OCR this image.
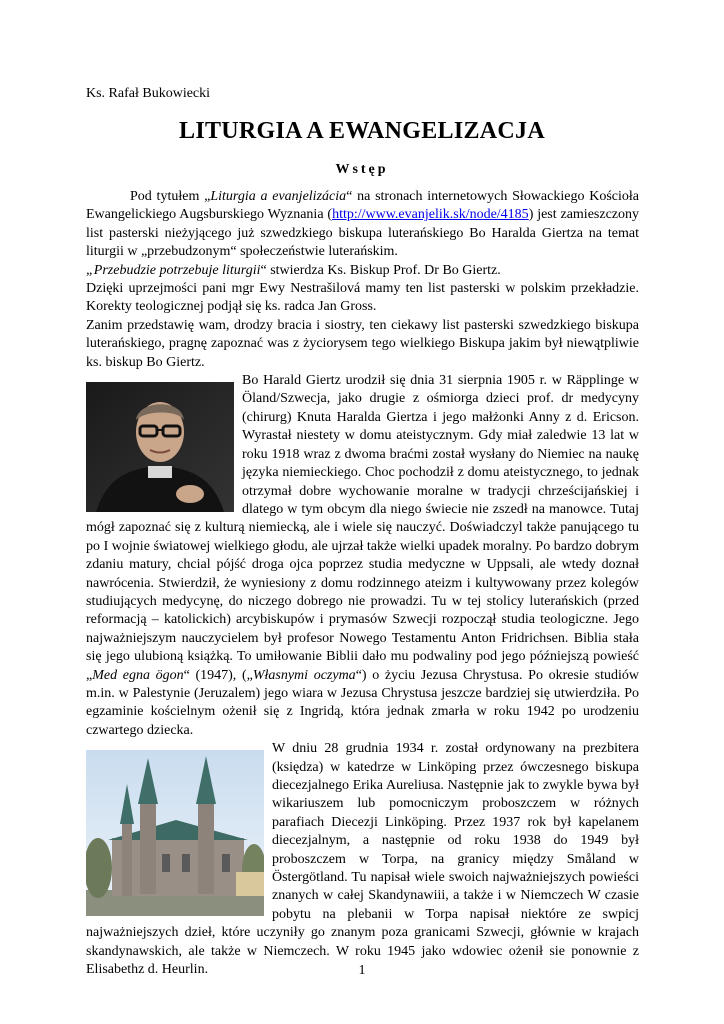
Ks. Rafał Bukowiecki
LITURGIA A EWANGELIZACJA
Wstęp

Pod tytułem „Liturgia a evanjelizácia“ na stronach internetowych Słowackiego Kościoła Ewangelickiego Augsburskiego Wyznania (http://www.evanjelik.sk/node/4185) jest zamieszczony list pasterski nieżyjącego już szwedzkiego biskupa luterańskiego Bo Haralda Giertza na temat liturgii w „przebudzonym“ społeczeństwie luterańskim.

„Przebudzie potrzebuje liturgii“ stwierdza Ks. Biskup Prof. Dr Bo Giertz.

Dzięki uprzejmości pani mgr Ewy Nestrašilová mamy ten list pasterski w polskim przekładzie. Korekty teologicznej podjął się ks. radca Jan Gross.

Zanim przedstawię wam, drodzy bracia i siostry, ten ciekawy list pasterski szwedzkiego biskupa luterańskiego, pragnę zapoznać was z życiorysem tego wielkiego Biskupa jakim był niewątpliwie ks. biskup Bo Giertz.

Bo Harald Giertz urodził się dnia 31 sierpnia 1905 r. w Räpplinge w Öland/Szwecja, jako drugie z ośmiorga dzieci prof. dr medycyny (chirurg) Knuta Haralda Giertza i jego małżonki Anny z d. Ericson. Wyrastał niestety w domu ateistycznym. Gdy miał zaledwie 13 lat w roku 1918 wraz z dwoma braćmi został wysłany do Niemiec na naukę języka niemieckiego. Choc pochodził z domu ateistycznego, to jednak otrzymał dobre wychowanie moralne w tradycji chrześcijańskiej i dlatego w tym obcym dla niego świecie nie zszedł na manowce. Tutaj mógł zapoznać się z kulturą niemiecką, ale i wiele się nauczyć. Doświadczyl także panującego tu po I wojnie światowej wielkiego głodu, ale ujrzał także wielki upadek moralny. Po bardzo dobrym zdaniu matury, chcial pójść droga ojca poprzez studia medyczne w Uppsali, ale wtedy doznał nawrócenia. Stwierdził, że wyniesiony z domu rodzinnego ateizm i kultywowany przez kolegów studiujących medycynę, do niczego dobrego nie prowadzi. Tu w tej stolicy luterańskich (przed reformacją – katolickich) arcybiskupów i prymasów Szwecji rozpoczął studia teologiczne. Jego najważniejszym nauczycielem był profesor Nowego Testamentu Anton Fridrichsen. Biblia stała się jego ulubioną książką. To umiłowanie Biblii dało mu podwaliny pod jego późniejszą powieść „Med egna ögon“ (1947), („Własnymi oczyma“) o życiu Jezusa Chrystusa. Po okresie studiów m.in. w Palestynie (Jeruzalem) jego wiara w Jezusa Chrystusa jeszcze bardziej się utwierdziła. Po egzaminie kościelnym ożenił się z Ingridą, która jednak zmarła w roku 1942 po urodzeniu czwartego dziecka.

W dniu 28 grudnia 1934 r. został ordynowany na prezbitera (księdza) w katedrze w Linköping przez ówczesnego biskupa diecezjalnego Erika Aureliusa. Następnie jak to zwykle bywa był wikariuszem lub pomocniczym proboszczem w różnych parafiach Diecezji Linköping. Przez 1937 rok był kapelanem diecezjalnym, a następnie od roku 1938 do 1949 był proboszczem w Torpa, na granicy między Småland w Östergötland. Tu napisał wiele swoich najważniejszych powieści znanych w całej Skandynawiii, a także i w Niemczech W czasie pobytu na plebanii w Torpa napisał niektóre ze swpicj najważniejszych dzieł, które uczyniły go znanym poza granicami Szwecji, głównie w krajach skandynawskich, ale także w Niemczech. W roku 1945 jako wdowiec ożenił sie ponownie z Elisabethz d. Heurlin.	1
